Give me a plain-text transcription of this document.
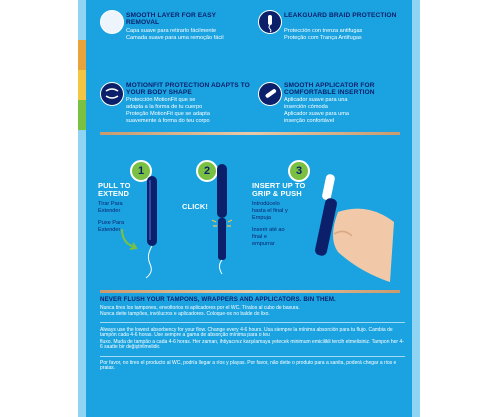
SMOOTH LAYER FOR EASY REMOVAL
Capa suave para retirarlo fácilmente
Camada suave para uma remoção fácil
LEAKGUARD BRAID PROTECTION
Protección con trenza antifugas
Proteção com Trança Antifugas
MOTIONFIT PROTECTION ADAPTS TO YOUR BODY SHAPE
Protección MotionFit que se
adapta a la forma de tu cuerpo
Proteção MotionFit que se adapta
suavemente à forma do teu corpo
SMOOTH APPLICATOR FOR COMFORTABLE INSERTION
Aplicador suave para una
inserción cómoda
Aplicador suave para uma
inserção confortável
1
PULL TO EXTEND
Tirar Para
Extender
Puxe Para
Estender
2
CLICK!
3
INSERT UP TO GRIP & PUSH
Introdúcelo
hasta el final y
Empuja
Inserir até ao
final e
empurrar
NEVER FLUSH YOUR TAMPONS, WRAPPERS AND APPLICATORS. BIN THEM.
Nunca tires los tampones, envoltorios ni aplicadores por el WC. Tíralos al cubo de basura.
Nunca deite tampões, invólucros e aplicadores. Coloque-os no balde do lixo.
Always use the lowest absorbency for your flow. Change every 4-6 hours. Usa siempre la mínima absorción para tu flujo. Cambia de tampón cada 4-6 horas. Use sempre a gama de absorção mínima para o teu
fluxo. Muda de tampão a cada 4-6 horas. Her zaman, ihtiyacınız karşılamaya yetecek minimum emicilikli tercih etmelisiniz. Tampon her 4-6 saatte bir değiştirilmelidir.
Por favor, no tires el producto al WC, podría llegar a ríos y playas. Por favor, não deite o produto para a sanita, poderá chegar a rios e praias.
